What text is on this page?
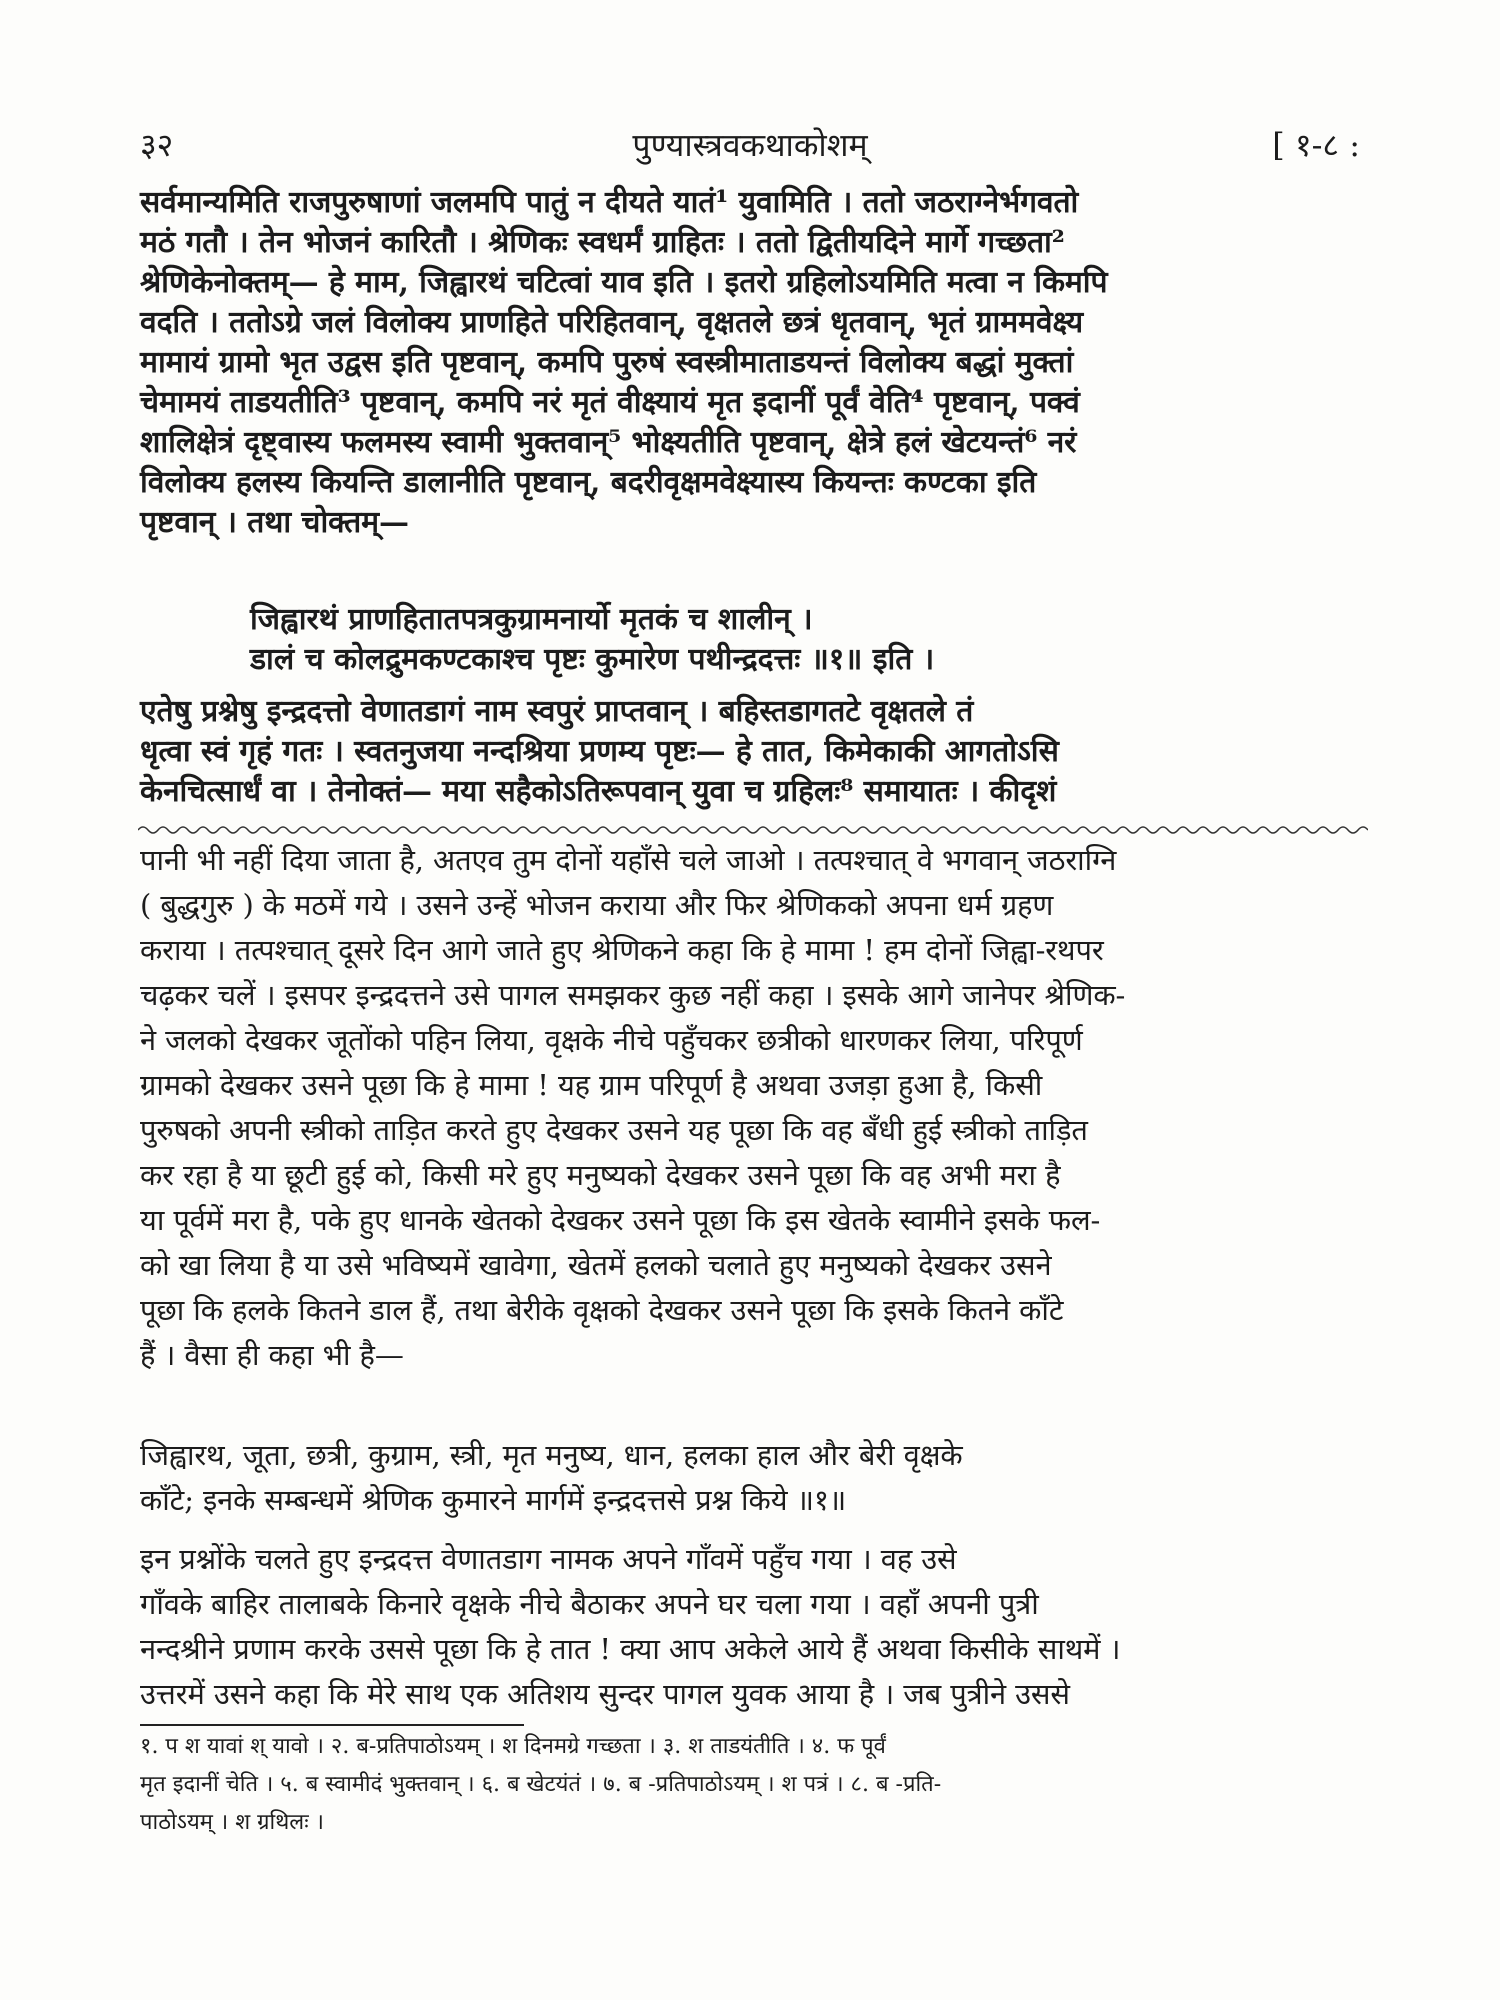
३२	पुण्यास्त्रवकथाकोशम्	[ १-८ :
सर्वमान्यमिति राजपुरुषाणां जलमपि पातुं न दीयते यातं¹ युवामिति । ततो जठराग्नेर्भगवतो
मठं गतौ । तेन भोजनं कारितौ । श्रेणिकः स्वधर्मं ग्राहितः । ततो द्वितीयदिने मार्गे गच्छता²
श्रेणिकेनोक्तम्— हे माम, जिह्वारथं चटित्वां याव इति । इतरो ग्रहिलोऽयमिति मत्वा न किमपि
वदति । ततोऽग्रे जलं विलोक्य प्राणहिते परिहितवान्, वृक्षतले छत्रं धृतवान्, भृतं ग्राममवेक्ष्य
मामायं ग्रामो भृत उद्वस इति पृष्टवान्, कमपि पुरुषं स्वस्त्रीमाताडयन्तं विलोक्य बद्धां मुक्तां
चेमामयं ताडयतीति³ पृष्टवान्, कमपि नरं मृतं वीक्ष्यायं मृत इदानीं पूर्वं वेति⁴ पृष्टवान्, पक्वं
शालिक्षेत्रं दृष्ट्वास्य फलमस्य स्वामी भुक्तवान्⁵ भोक्ष्यतीति पृष्टवान्, क्षेत्रे हलं खेटयन्तं⁶ नरं
विलोक्य हलस्य कियन्ति डालानीति पृष्टवान्, बदरीवृक्षमवेक्ष्यास्य कियन्तः कण्टका इति
पृष्टवान् । तथा चोक्तम्—
जिह्वारथं प्राणहितातपत्रकुग्रामनार्यो मृतकं च शालीन् ।
डालं च कोलद्रुमकण्टकाश्च पृष्टः कुमारेण पथीन्द्रदत्तः ॥१॥ इति ।
एतेषु प्रश्नेषु इन्द्रदत्तो वेणातडागं नाम स्वपुरं प्राप्तवान् । बहिस्तडागतटे वृक्षतले तं
धृत्वा स्वं गृहं गतः । स्वतनुजया नन्दश्रिया प्रणम्य पृष्टः— हे तात, किमेकाकी आगतोऽसि
केनचित्सार्धं वा । तेनोक्तं— मया सहैकोऽतिरूपवान् युवा च ग्रहिलः⁸ समायातः । कीदृशं
पानी भी नहीं दिया जाता है, अतएव तुम दोनों यहाँसे चले जाओ । तत्पश्चात् वे भगवान् जठराग्नि
( बुद्धगुरु ) के मठमें गये । उसने उन्हें भोजन कराया और फिर श्रेणिकको अपना धर्म ग्रहण
कराया । तत्पश्चात् दूसरे दिन आगे जाते हुए श्रेणिकने कहा कि हे मामा ! हम दोनों जिह्वा-रथपर
चढ़कर चलें । इसपर इन्द्रदत्तने उसे पागल समझकर कुछ नहीं कहा । इसके आगे जानेपर श्रेणिक-
ने जलको देखकर जूतोंको पहिन लिया, वृक्षके नीचे पहुँचकर छत्रीको धारणकर लिया, परिपूर्ण
ग्रामको देखकर उसने पूछा कि हे मामा ! यह ग्राम परिपूर्ण है अथवा उजड़ा हुआ है, किसी
पुरुषको अपनी स्त्रीको ताड़ित करते हुए देखकर उसने यह पूछा कि वह बँधी हुई स्त्रीको ताड़ित
कर रहा है या छूटी हुई को, किसी मरे हुए मनुष्यको देखकर उसने पूछा कि वह अभी मरा है
या पूर्वमें मरा है, पके हुए धानके खेतको देखकर उसने पूछा कि इस खेतके स्वामीने इसके फल-
को खा लिया है या उसे भविष्यमें खावेगा, खेतमें हलको चलाते हुए मनुष्यको देखकर उसने
पूछा कि हलके कितने डाल हैं, तथा बेरीके वृक्षको देखकर उसने पूछा कि इसके कितने काँटे
हैं । वैसा ही कहा भी है—
जिह्वारथ, जूता, छत्री, कुग्राम, स्त्री, मृत मनुष्य, धान, हलका हाल और बेरी वृक्षके
काँटे; इनके सम्बन्धमें श्रेणिक कुमारने मार्गमें इन्द्रदत्तसे प्रश्न किये ॥१॥
इन प्रश्नोंके चलते हुए इन्द्रदत्त वेणातडाग नामक अपने गाँवमें पहुँच गया । वह उसे
गाँवके बाहिर तालाबके किनारे वृक्षके नीचे बैठाकर अपने घर चला गया । वहाँ अपनी पुत्री
नन्दश्रीने प्रणाम करके उससे पूछा कि हे तात ! क्या आप अकेले आये हैं अथवा किसीके साथमें ।
उत्तरमें उसने कहा कि मेरे साथ एक अतिशय सुन्दर पागल युवक आया है । जब पुत्रीने उससे
१. प श यावां श् यावो । २. ब-प्रतिपाठोऽयम् । श दिनमग्रे गच्छता । ३. श ताडयंतीति । ४. फ पूर्वं
मृत इदानीं चेति । ५. ब स्वामीदं भुक्तवान् । ६. ब खेटयंतं । ७. ब -प्रतिपाठोऽयम् । श पत्रं । ८. ब -प्रति-
पाठोऽयम् । श ग्रथिलः ।
